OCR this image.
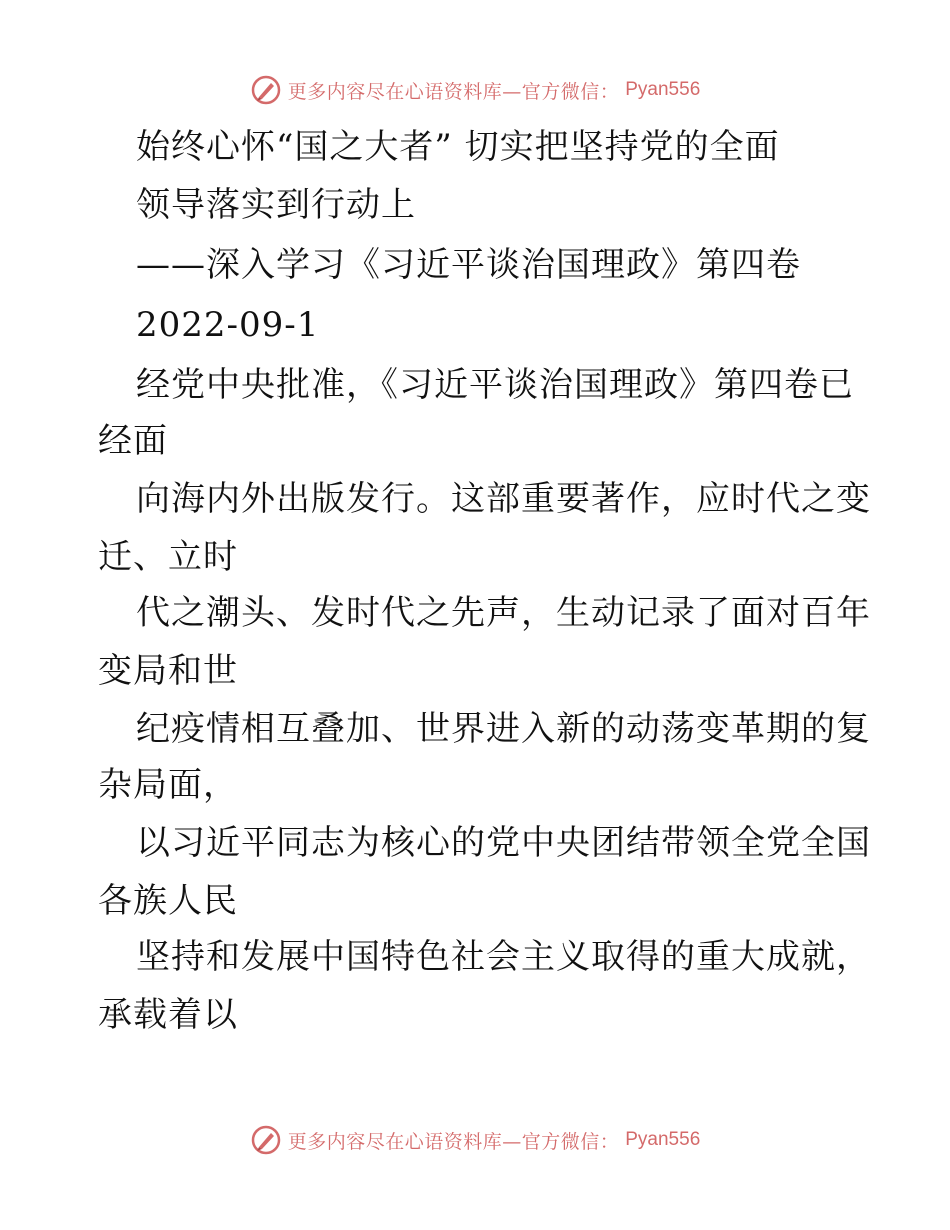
更多内容尽在心语资料库—官方微信： Pyan556
始终心怀“国之大者” 切实把坚持党的全面
领导落实到行动上
——深入学习《习近平谈治国理政》第四卷
2022-09-1
经党中央批准，《习近平谈治国理政》第四卷已
经面
向海内外出版发行。这部重要著作，应时代之变
迁、立时
代之潮头、发时代之先声，生动记录了面对百年
变局和世
纪疫情相互叠加、世界进入新的动荡变革期的复
杂局面，
以习近平同志为核心的党中央团结带领全党全国
各族人民
坚持和发展中国特色社会主义取得的重大成就，
承载着以
更多内容尽在心语资料库—官方微信： Pyan556
